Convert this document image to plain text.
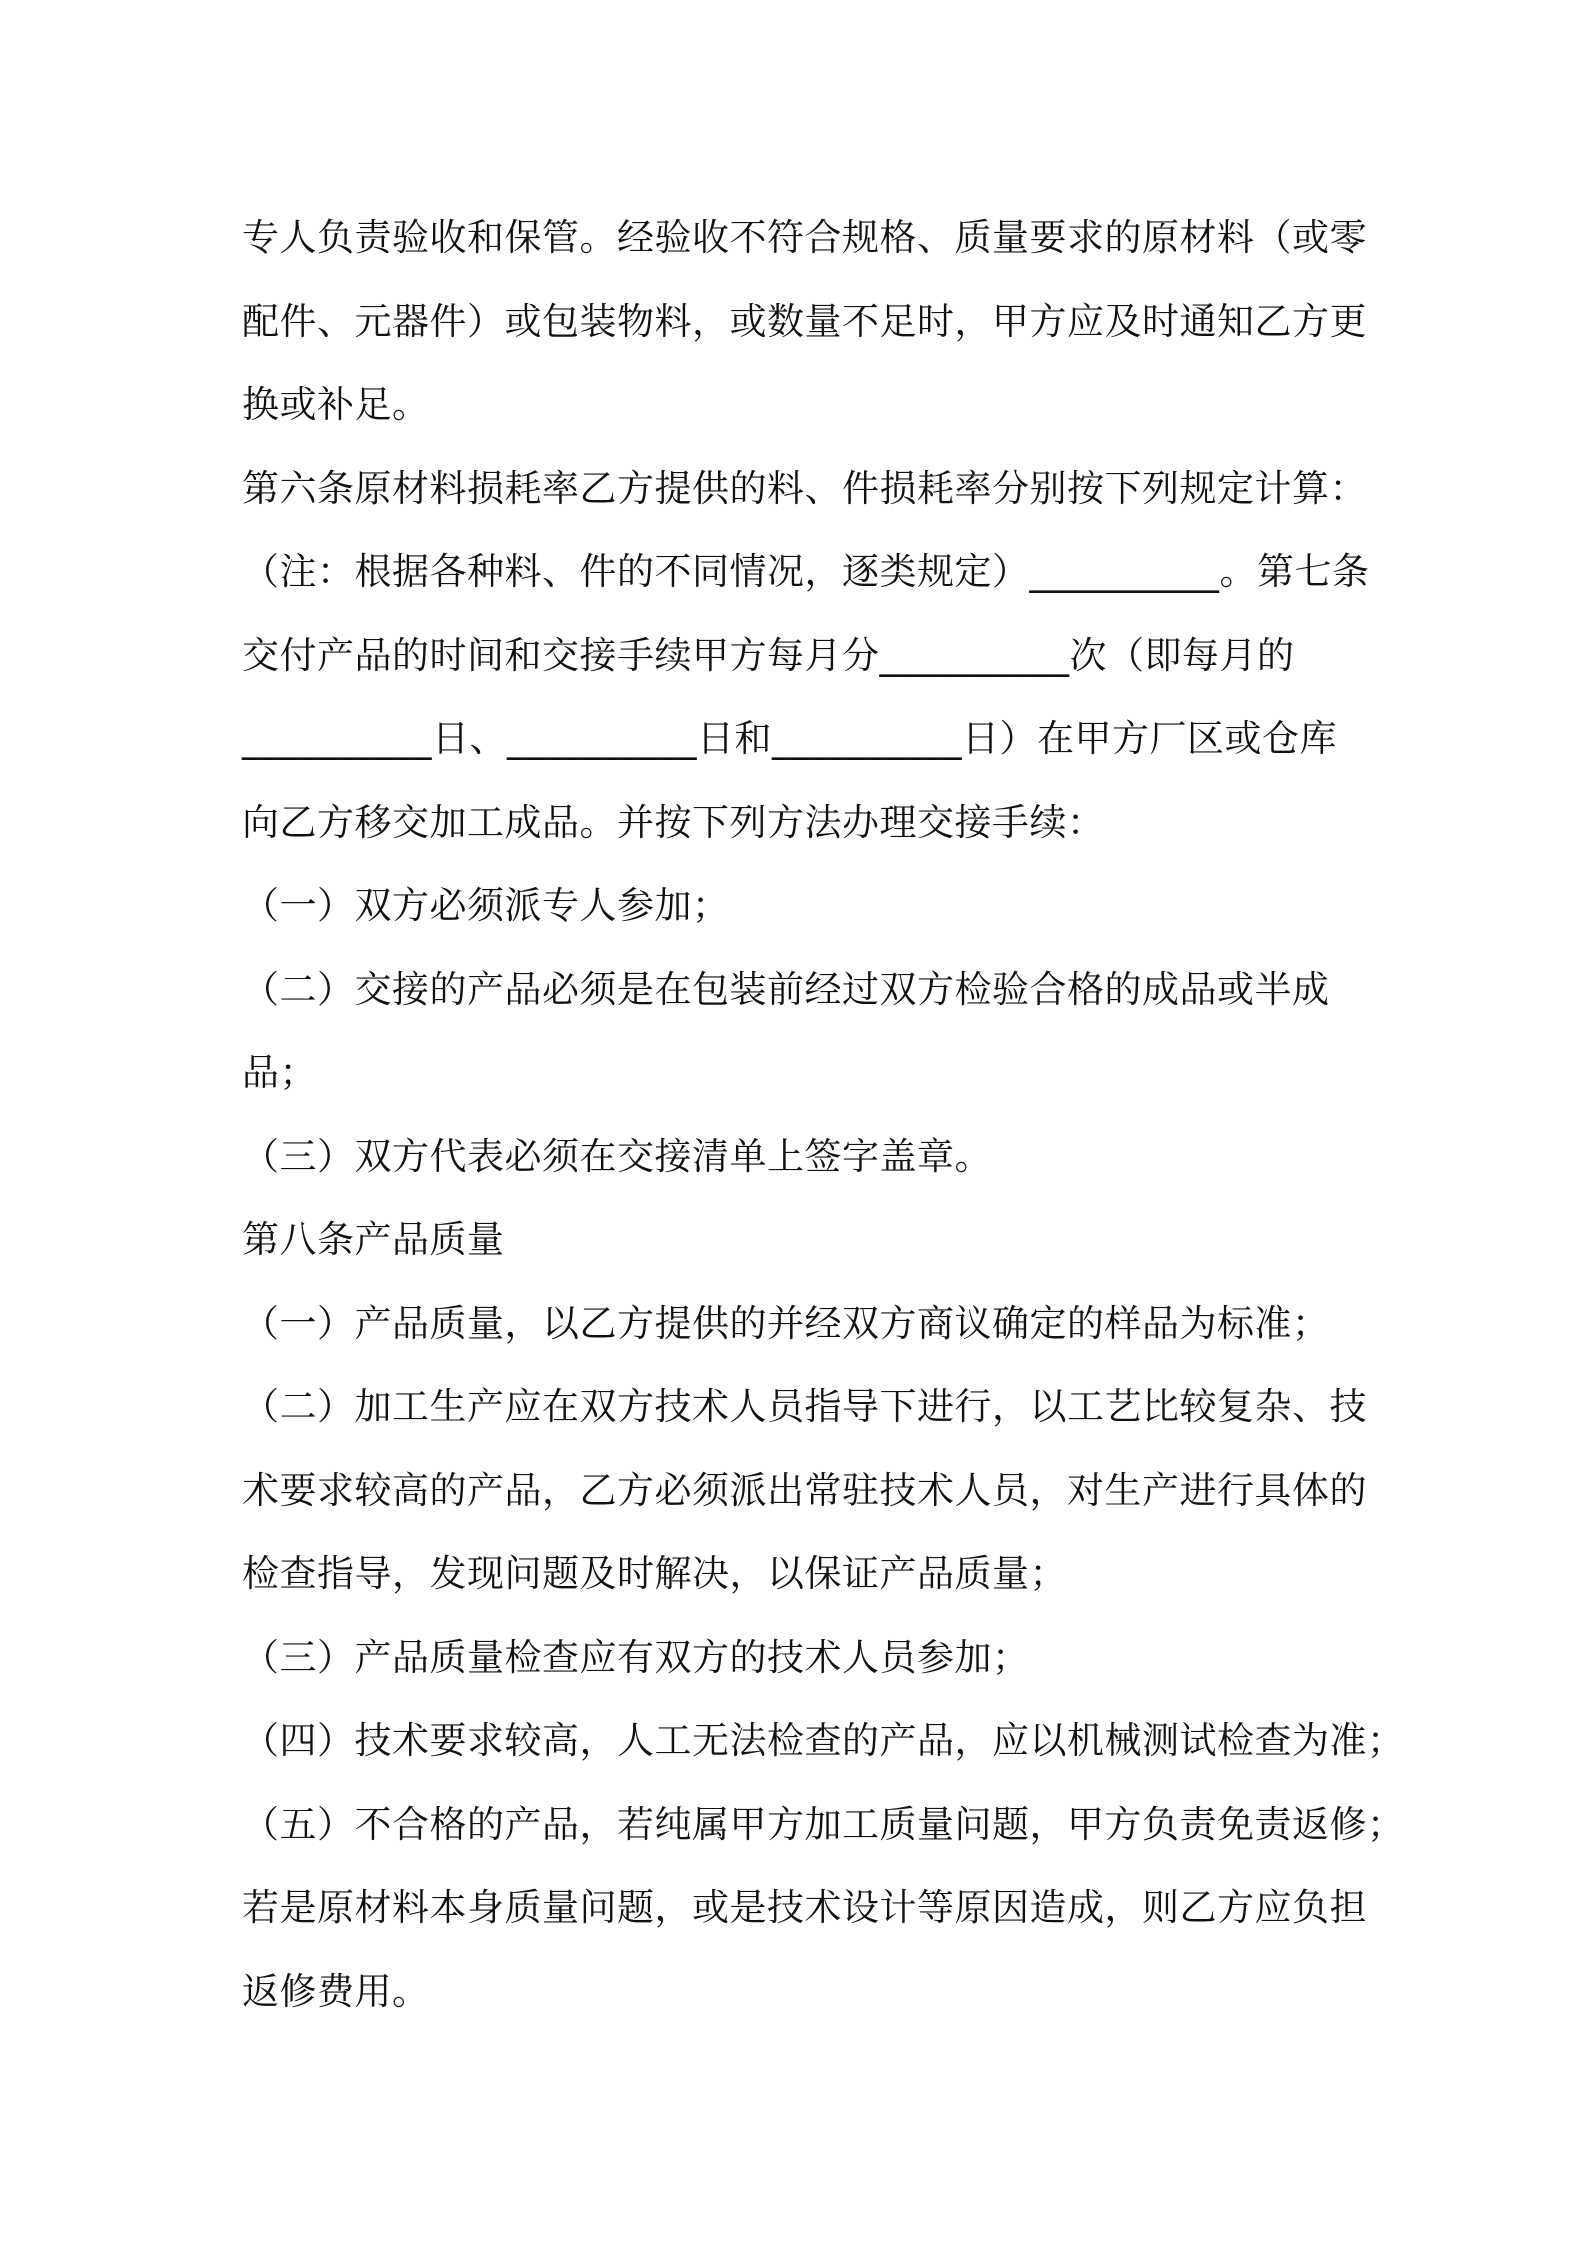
专人负责验收和保管。经验收不符合规格、质量要求的原材料（或零
配件、元器件）或包装物料，或数量不足时，甲方应及时通知乙方更
换或补足。
第六条原材料损耗率乙方提供的料、件损耗率分别按下列规定计算：
（注：根据各种料、件的不同情况，逐类规定）__________。第七条
交付产品的时间和交接手续甲方每月分__________次（即每月的
__________日、__________日和__________日）在甲方厂区或仓库
向乙方移交加工成品。并按下列方法办理交接手续：
（一）双方必须派专人参加；
（二）交接的产品必须是在包装前经过双方检验合格的成品或半成
品；
（三）双方代表必须在交接清单上签字盖章。
第八条产品质量
（一）产品质量，以乙方提供的并经双方商议确定的样品为标准；
（二）加工生产应在双方技术人员指导下进行，以工艺比较复杂、技
术要求较高的产品，乙方必须派出常驻技术人员，对生产进行具体的
检查指导，发现问题及时解决，以保证产品质量；
（三）产品质量检查应有双方的技术人员参加；
（四）技术要求较高，人工无法检查的产品，应以机械测试检查为准；
（五）不合格的产品，若纯属甲方加工质量问题，甲方负责免责返修；
若是原材料本身质量问题，或是技术设计等原因造成，则乙方应负担
返修费用。
